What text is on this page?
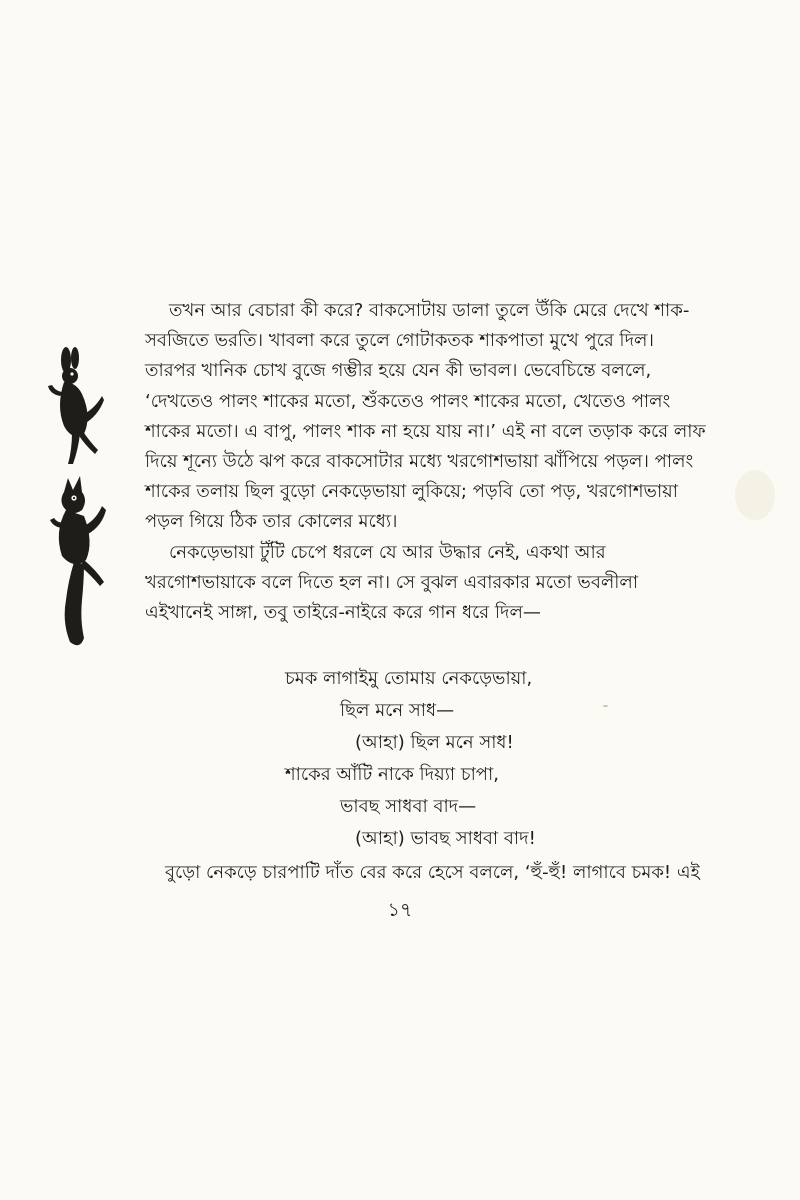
তখন আর বেচারা কী করে? বাকসোটায় ডালা তুলে উঁকি মেরে দেখে শাক-
সবজিতে ভরতি। খাবলা করে তুলে গোটাকতক শাকপাতা মুখে পুরে দিল।
তারপর খানিক চোখ বুজে গম্ভীর হয়ে যেন কী ভাবল। ভেবেচিন্তে বললে,
‘দেখতেও পালং শাকের মতো, শুঁকতেও পালং শাকের মতো, খেতেও পালং
শাকের মতো। এ বাপু, পালং শাক না হয়ে যায় না।’ এই না বলে তড়াক করে লাফ
দিয়ে শূন্যে উঠে ঝপ করে বাকসোটার মধ্যে খরগোশভায়া ঝাঁপিয়ে পড়ল। পালং
শাকের তলায় ছিল বুড়ো নেকড়েভায়া লুকিয়ে; পড়বি তো পড়, খরগোশভায়া
পড়ল গিয়ে ঠিক তার কোলের মধ্যে।

নেকড়েভায়া টুঁটি চেপে ধরলে যে আর উদ্ধার নেই, একথা আর
খরগোশভায়াকে বলে দিতে হল না। সে বুঝল এবারকার মতো ভবলীলা
এইখানেই সাঙ্গা, তবু তাইরে-নাইরে করে গান ধরে দিল—

চমক লাগাইমু তোমায় নেকড়েভায়া,
ছিল মনে সাধ—
(আহা) ছিল মনে সাধ!
শাকের আঁটি নাকে দিয়্যা চাপা,
ভাবছ সাধবা বাদ—
(আহা) ভাবছ সাধবা বাদ!
বুড়ো নেকড়ে চারপাটি দাঁত বের করে হেসে বললে, ‘হুঁ-হুঁ! লাগাবে চমক! এই
১৭
